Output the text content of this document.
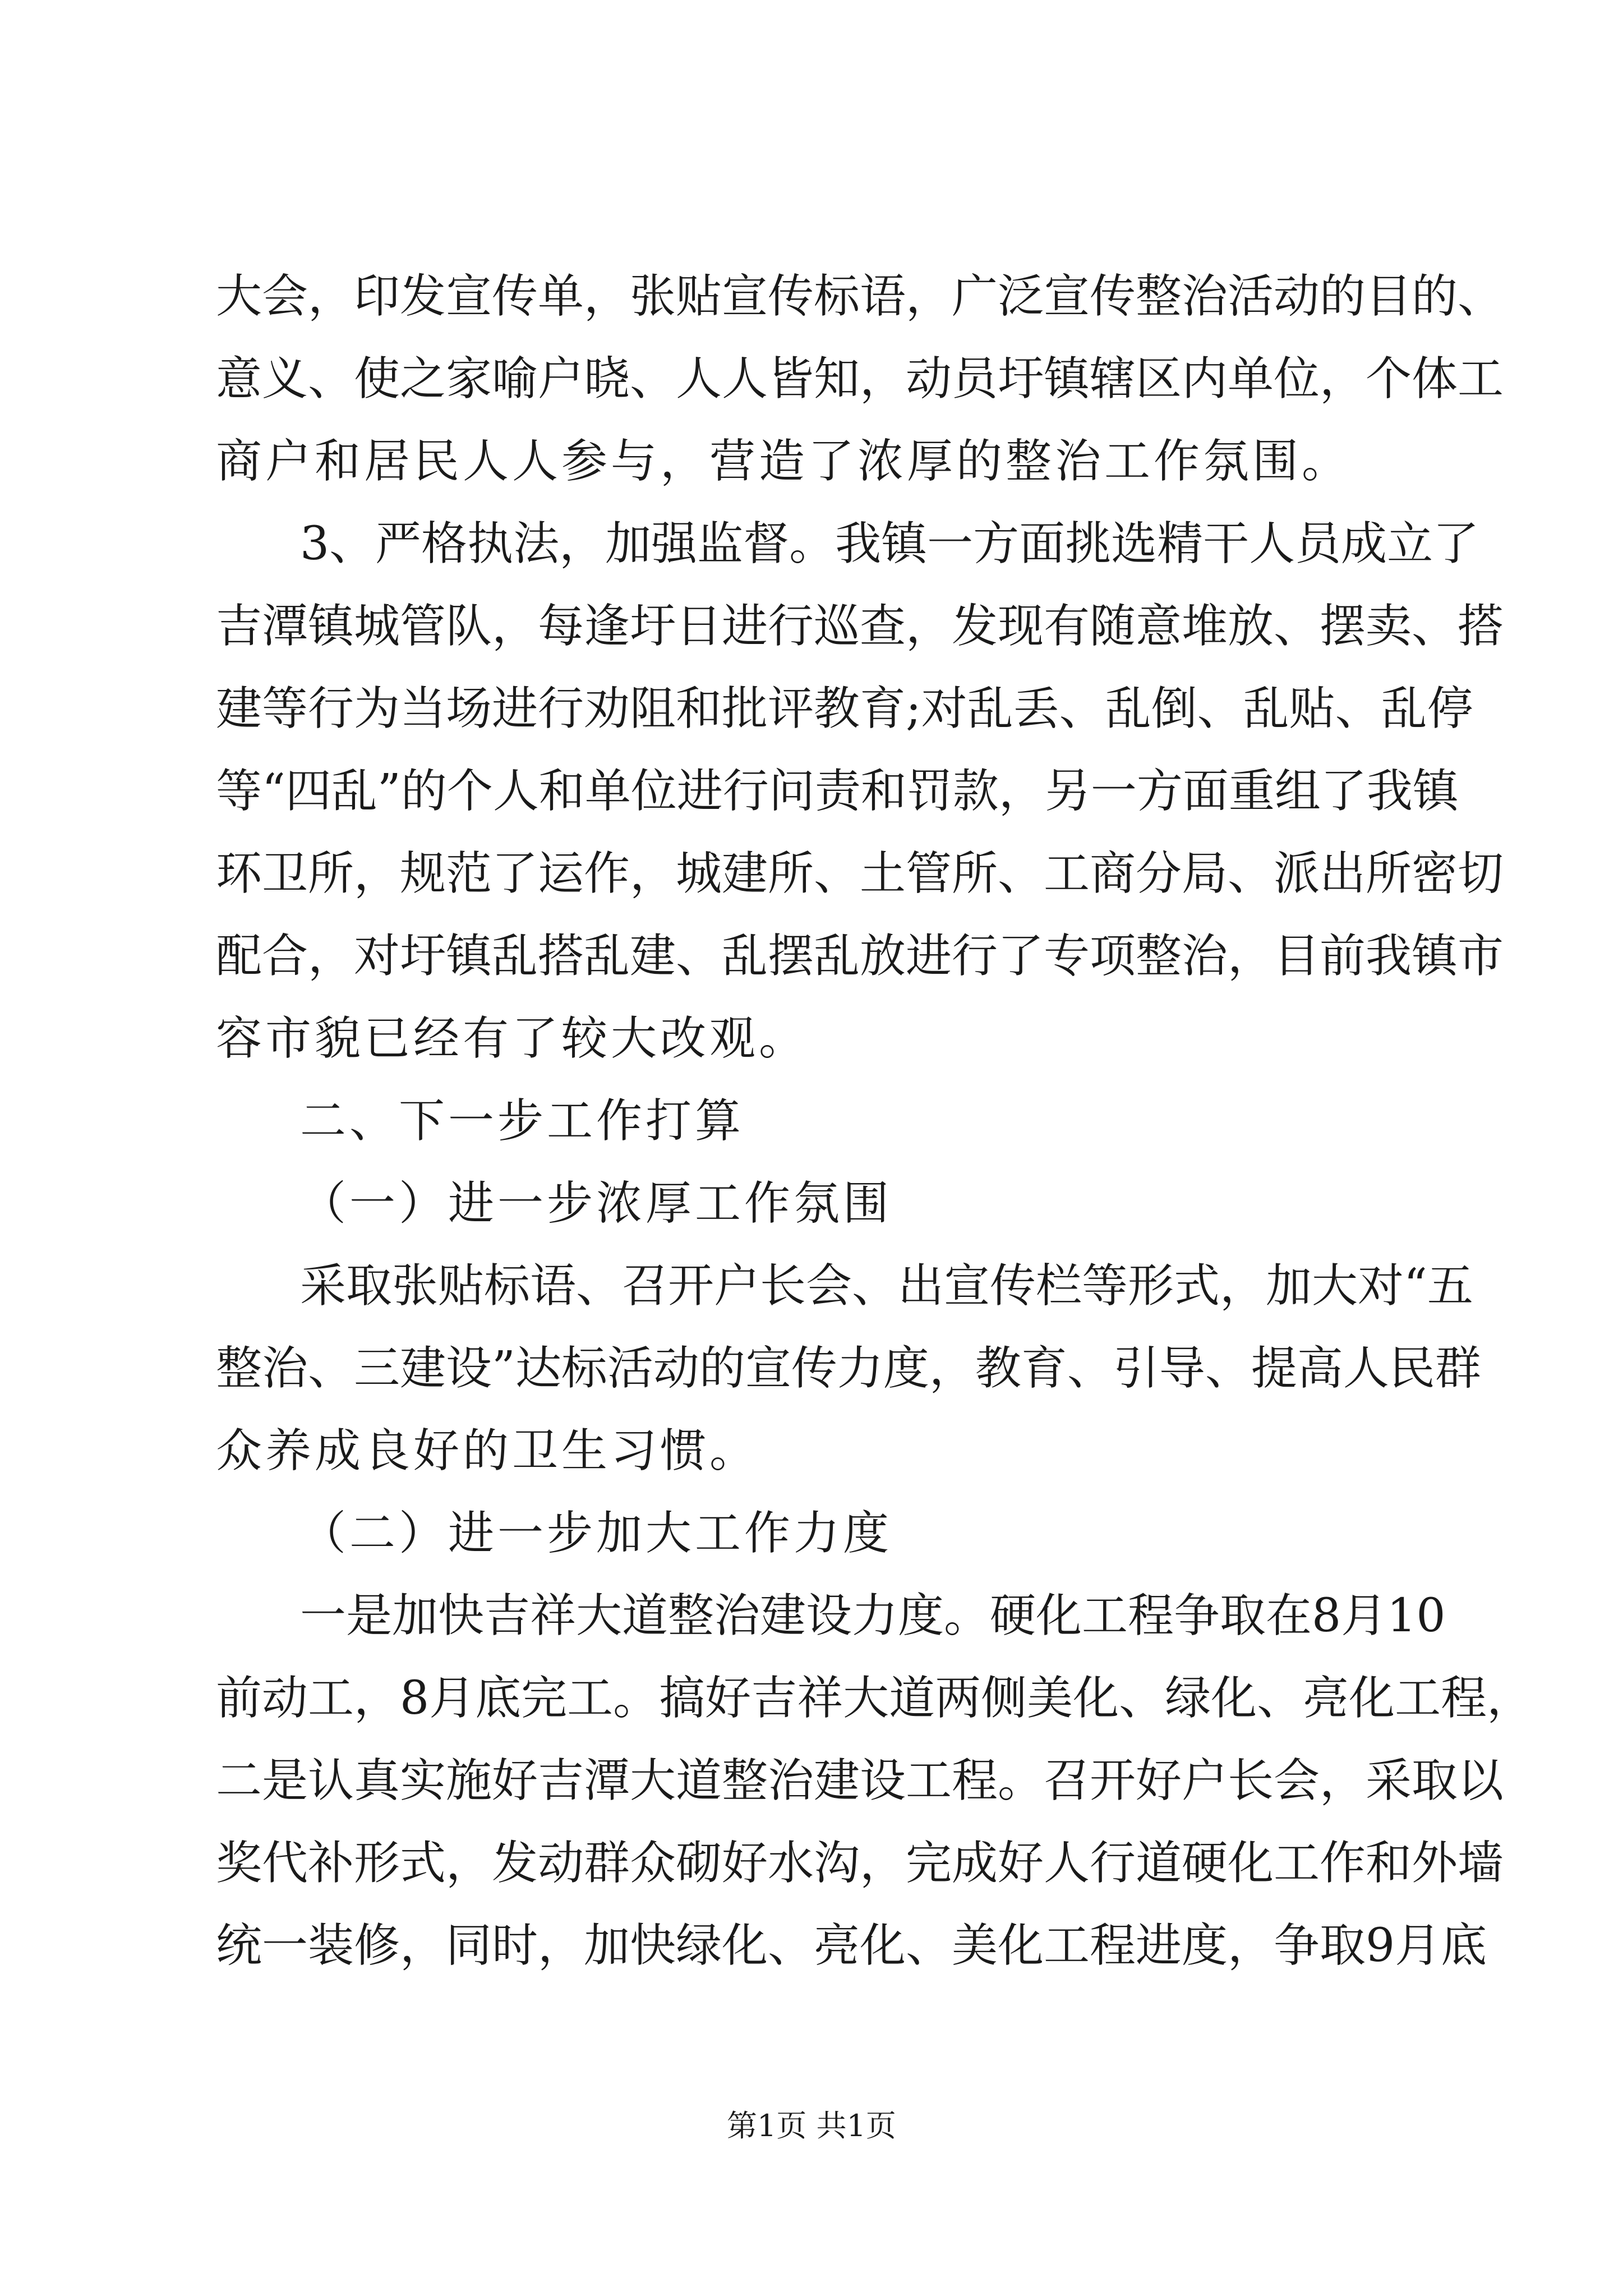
大会，印发宣传单，张贴宣传标语，广泛宣传整治活动的目的、
意义、使之家喻户晓、人人皆知，动员圩镇辖区内单位，个体工
商户和居民人人参与，营造了浓厚的整治工作氛围。
3、严格执法，加强监督。我镇一方面挑选精干人员成立了
吉潭镇城管队，每逢圩日进行巡查，发现有随意堆放、摆卖、搭
建等行为当场进行劝阻和批评教育;对乱丢、乱倒、乱贴、乱停
等“四乱”的个人和单位进行问责和罚款，另一方面重组了我镇
环卫所，规范了运作，城建所、土管所、工商分局、派出所密切
配合，对圩镇乱搭乱建、乱摆乱放进行了专项整治，目前我镇市
容市貌已经有了较大改观。
二、下一步工作打算
（一）进一步浓厚工作氛围
采取张贴标语、召开户长会、出宣传栏等形式，加大对“五
整治、三建设”达标活动的宣传力度，教育、引导、提高人民群
众养成良好的卫生习惯。
（二）进一步加大工作力度
一是加快吉祥大道整治建设力度。硬化工程争取在8月10
前动工，8月底完工。搞好吉祥大道两侧美化、绿化、亮化工程，
二是认真实施好吉潭大道整治建设工程。召开好户长会，采取以
奖代补形式，发动群众砌好水沟，完成好人行道硬化工作和外墙
统一装修，同时，加快绿化、亮化、美化工程进度，争取9月底
第1页 共1页
